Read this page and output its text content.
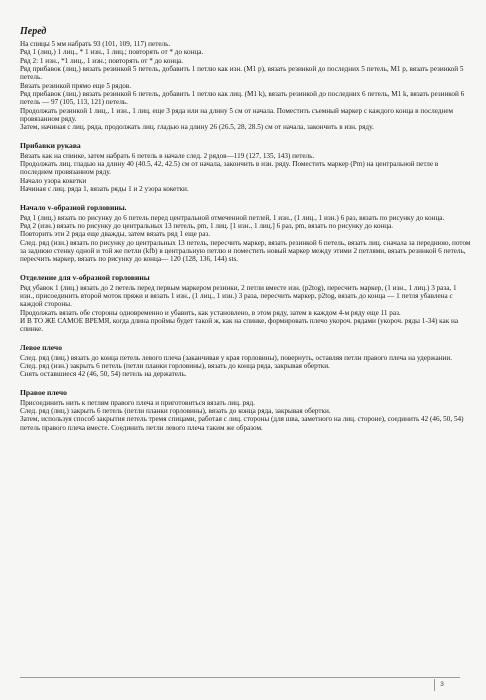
Перед

На спицы 5 мм набрать 93 (101, 109, 117) петель.

Ряд 1 (лиц.) 1 лиц., * 1 изн., 1 лиц.; повторять от * до конца.

Ряд 2: 1 изн., *1 лиц., 1 изн.; повторять от * до конца.

Ряд прибавок (лиц.) вязать резинкой 5 петель, добавить 1 петлю как изн. (M1 p), вязать резинкой до последних 5 петель, M1 p, вязать резинкой 5 петель.

Вязать резинкой прямо еще 5 рядов.

Ряд прибавок (лиц.) вязать резинкой 6 петель, добавить 1 петлю как лиц. (M1 k), вязать резинкой до последних 6 петель, M1 k, вязать резинкой 6 петель — 97 (105, 113, 121) петель.

Продолжать резинкой 1 лиц., 1 изн., 1 лиц. еще 3 ряда или на длину 5 см от начала. Поместить съемный маркер с каждого конца в последнем провязанном ряду.

Затем, начиная с лиц. ряда, продолжать лиц. гладью на длину 26 (26.5, 28, 28.5) см от начала, закончить в изн. ряду.

Прибавки рукава

Вязать как на спинке, затем набрать 6 петель в начале след. 2 рядов—119 (127, 135, 143) петель.

Продолжать лиц. гладью на длину 40 (40.5, 42, 42.5) см от начала, закончить в изн. ряду. Поместить маркер (Pm) на центральной петле в последнем провязанном ряду.

Начало узора кокетки

Начиная с лиц. ряда 1, вязать ряды 1 и 2 узора кокетки.

Начало v-образной горловины.

Ряд 1 (лиц.) вязать по рисунку до 6 петель перед центральной отмеченной петлей, 1 изн., (1 лиц., 1 изн.) 6 раз, вязать по рисунку до конца.

Ряд 2 (изн.) вязать по рисунку до центральных 13 петель, pm, 1 лиц. [1 изн., 1 лиц.] 6 раз, pm, вязать по рисунку до конца.

Повторить эти 2 ряда еще дважды, затем вязать ряд 1 еще раз.

След. ряд (изн.) вязать по рисунку до центральных 13 петель, пересчить маркер, вязать резинкой 6 петель, вязать лиц. сначала за переднюю, потом за заднюю стенку одной и той же петли (kfb) в центральную петлю и поместить новый маркер между этими 2 петлями, вязать резинкой 6 петель, пересчить маркер, вязать по рисунку до конца— 120 (128, 136, 144) sts.

Отделение для v-образной горловины

Ряд убавок 1 (лиц.) вязать до 2 петель перед первым маркером резинки, 2 петли вместе изн. (p2tog), пересчить маркер, (1 изн., 1 лиц.) 3 раза, 1 изн., присоединить второй моток пряжи и вязать 1 изн., (1 лиц., 1 изн.) 3 раза, пересчить маркер, p2tog, вязать до конца — 1 петля убавлена с каждой стороны.

Продолжать вязать обе стороны одновременно и убавить, как установлено, в этом ряду, затем в каждом 4-м ряду еще 11 раз.

И В ТО ЖЕ САМОЕ ВРЕМЯ, когда длина проймы будет такой ж, как на спинке, формировать плечо укороч. рядами (укороч. ряды 1-34) как на спинке.

Левое плечо

След. ряд (лиц.) вязать до конца петель левого плеча (заканчивая у края горловины), повернуть, оставляя петли правого плеча на удержании.

След. ряд (изн.) закрыть 6 петель (петли планки горловины), вязать до конца ряда, закрывая обертки.

Снять оставшиеся 42 (46, 50, 54) петель на держатель.

Правое плечо

Присоединить нить к петлям правого плеча и приготовиться вязать лиц. ряд.

След. ряд (лиц.) закрыть 6 петель (петли планки горловины), вязать до конца ряда, закрывая обертки.

Затем, используя способ закрытия петель тремя спицами, работая с лиц. стороны (для шва, заметного на лиц. стороне), соединить 42 (46, 50, 54) петель правого плеча вместе. Соединить петли левого плеча таким же образом.

3
